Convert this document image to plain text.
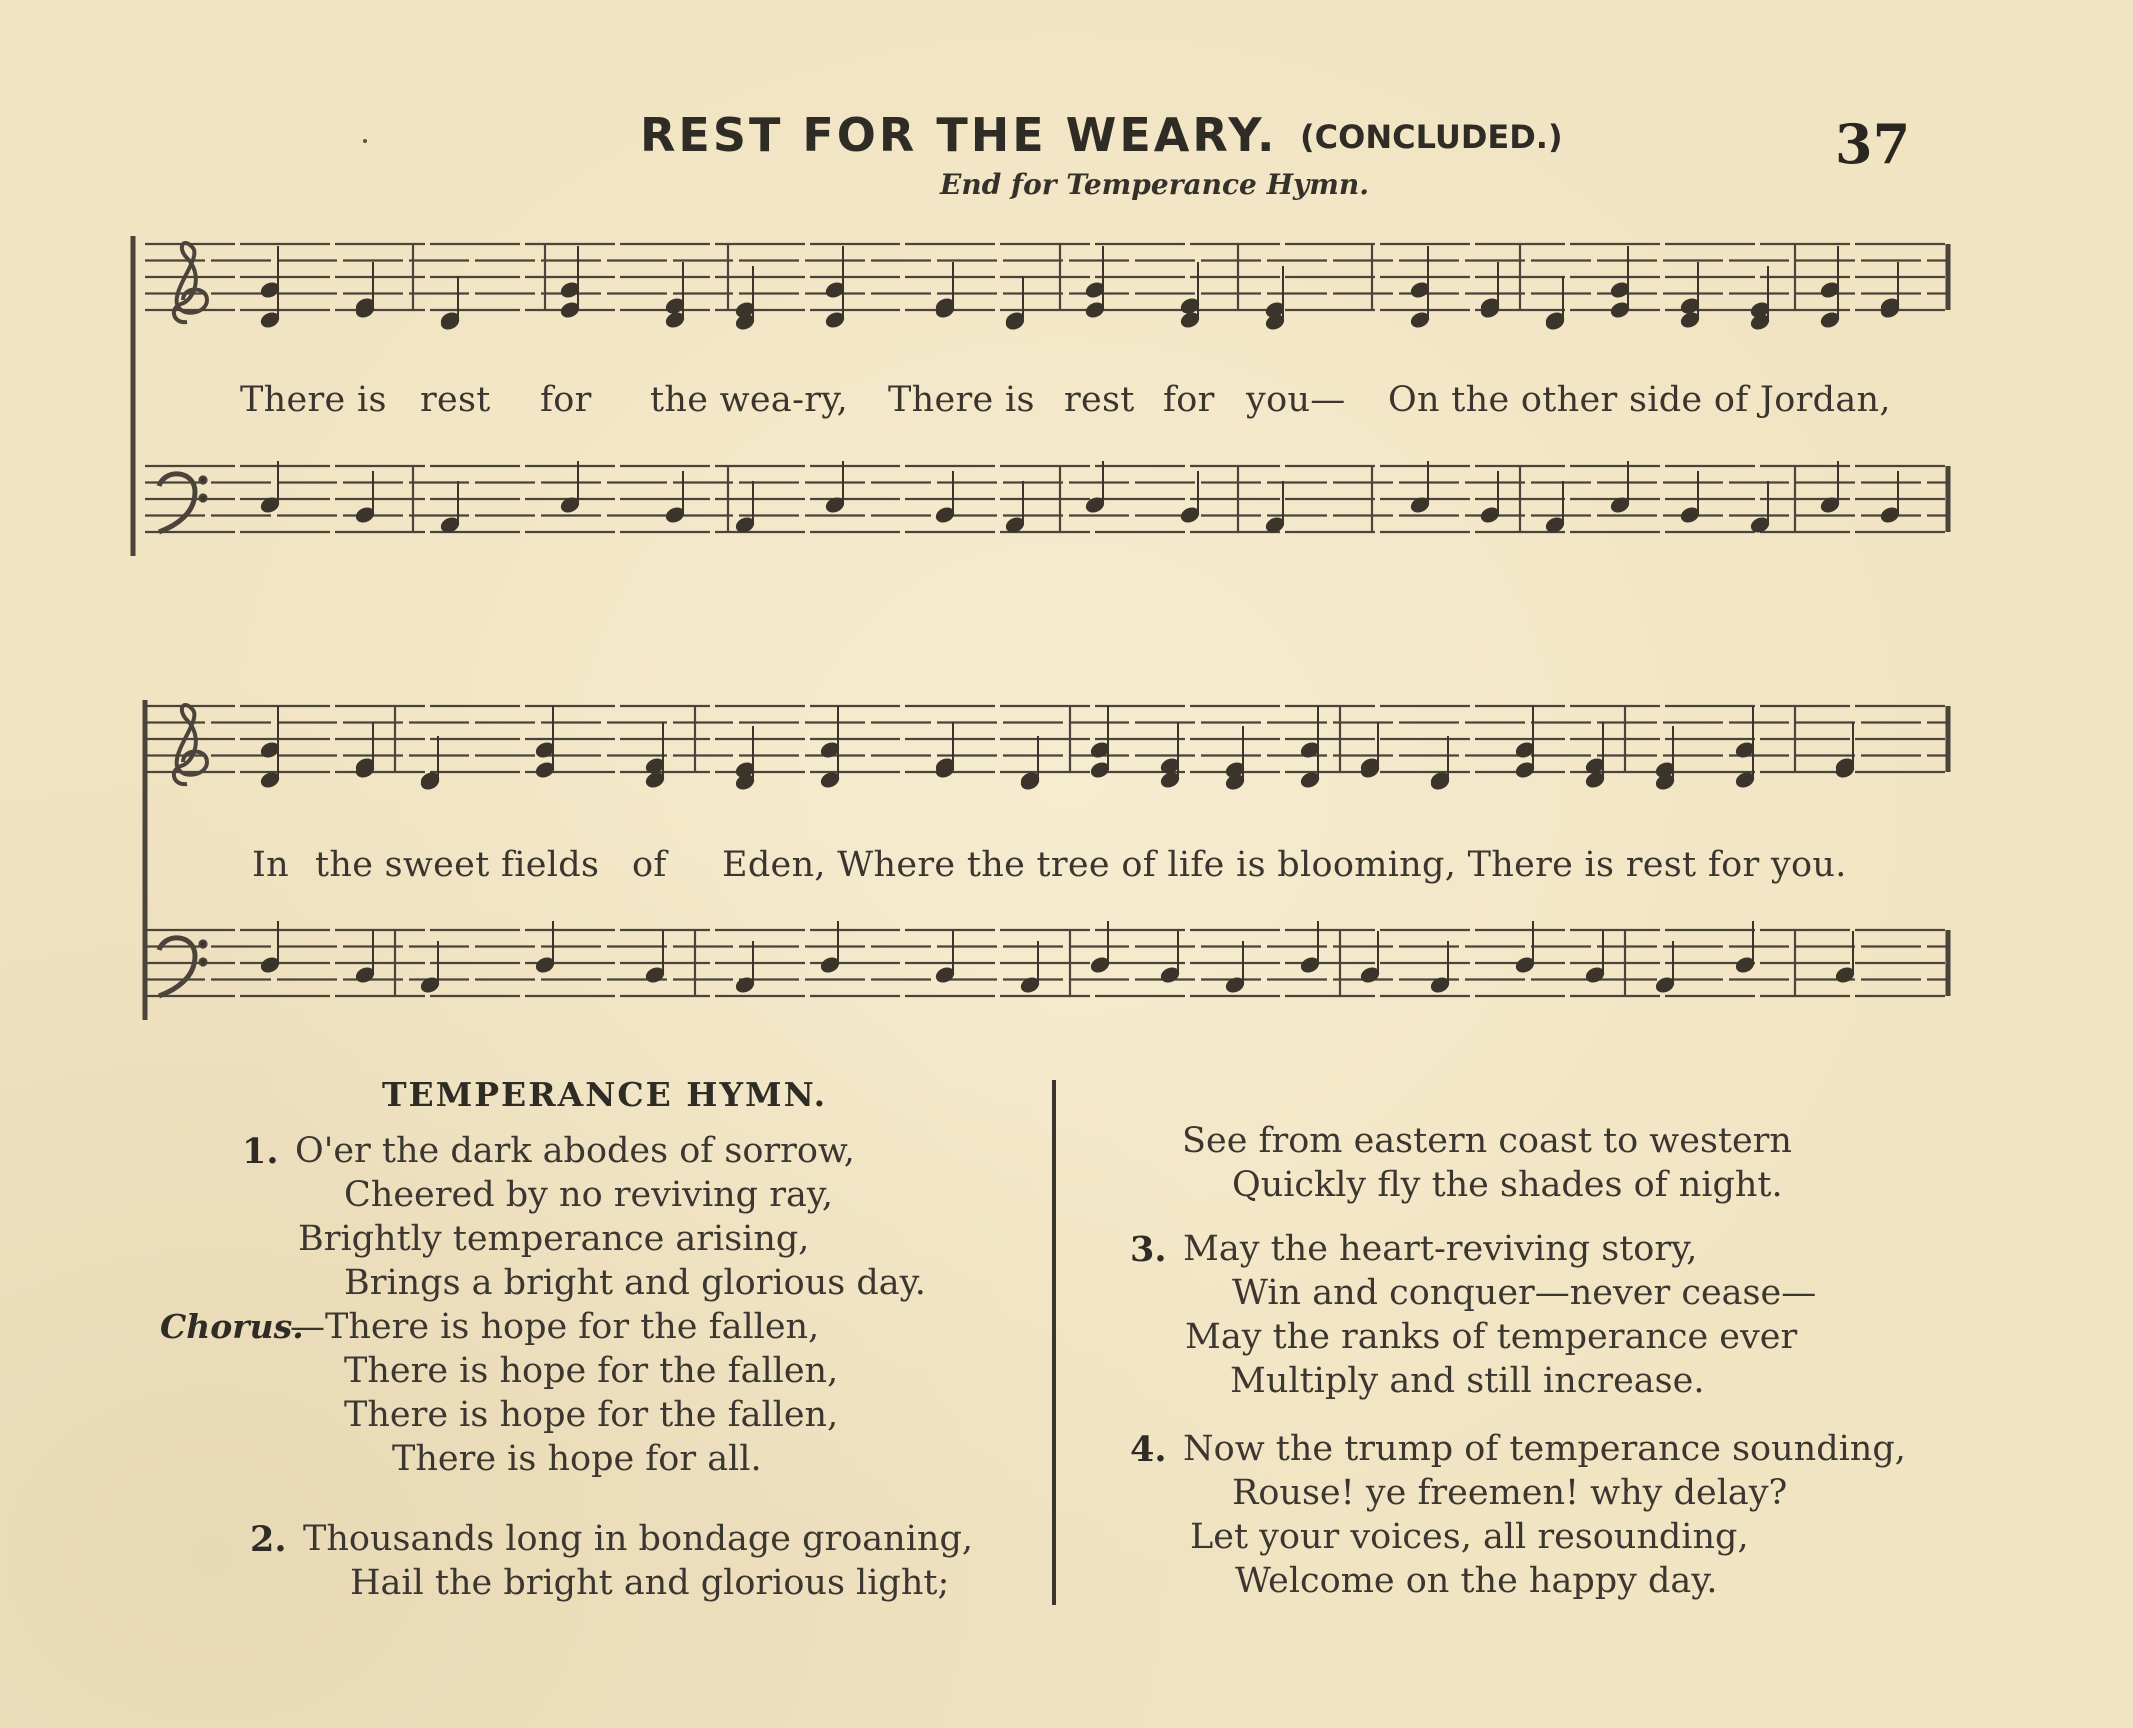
REST FOR THE WEARY. (CONCLUDED.)	37
End for Temperance Hymn.
There is rest for the wea-ry, There is rest for you— On the other side of Jordan,
In the sweet fields of Eden, Where the tree of life is blooming, There is rest for you.
TEMPERANCE HYMN.
1. O'er the dark abodes of sorrow,
Cheered by no reviving ray,
Brightly temperance arising,
Brings a bright and glorious day.
Chorus.
—There is hope for the fallen,
There is hope for the fallen,
There is hope for the fallen,
There is hope for all.
2. Thousands long in bondage groaning,
Hail the bright and glorious light;
See from eastern coast to western
Quickly fly the shades of night.
3. May the heart-reviving story,
Win and conquer—never cease—
May the ranks of temperance ever
Multiply and still increase.
4. Now the trump of temperance sounding,
Rouse! ye freemen! why delay?
Let your voices, all resounding,
Welcome on the happy day.
